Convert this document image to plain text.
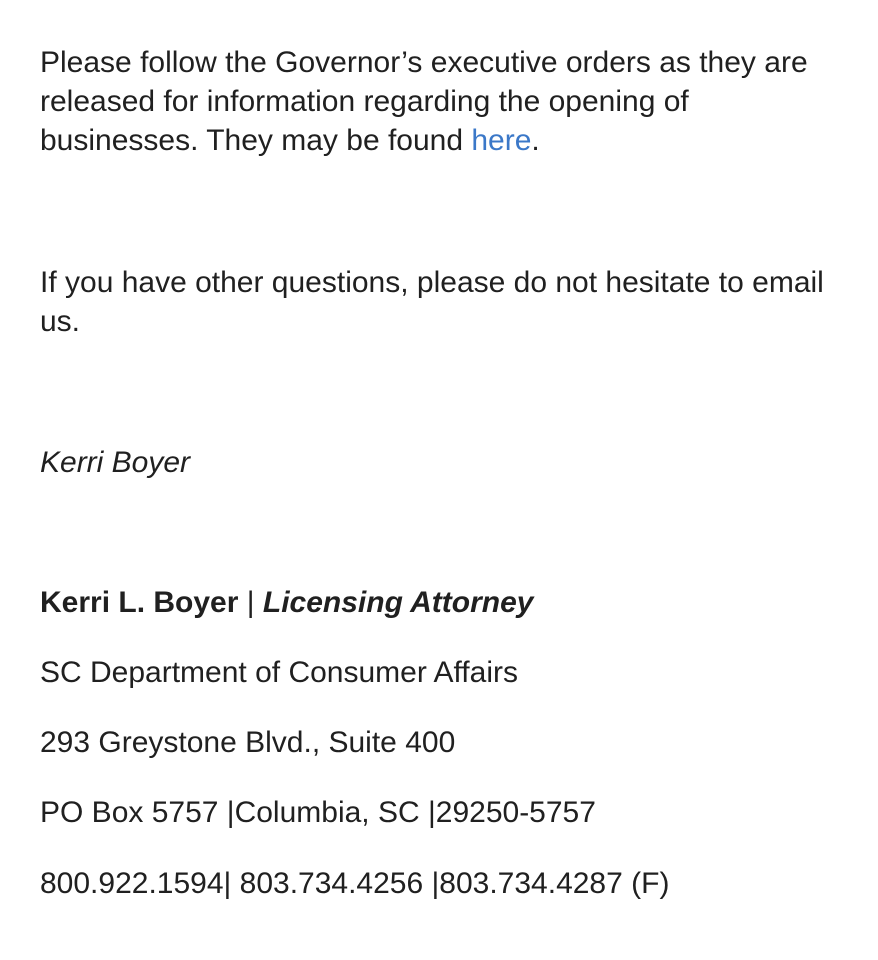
Please follow the Governor’s executive orders as they are released for information regarding the opening of businesses. They may be found here.

If you have other questions, please do not hesitate to email us.

Kerri Boyer

Kerri L. Boyer | Licensing Attorney

SC Department of Consumer Affairs

293 Greystone Blvd., Suite 400

PO Box 5757 |Columbia, SC |29250-5757

800.922.1594| 803.734.4256 |803.734.4287 (F)
